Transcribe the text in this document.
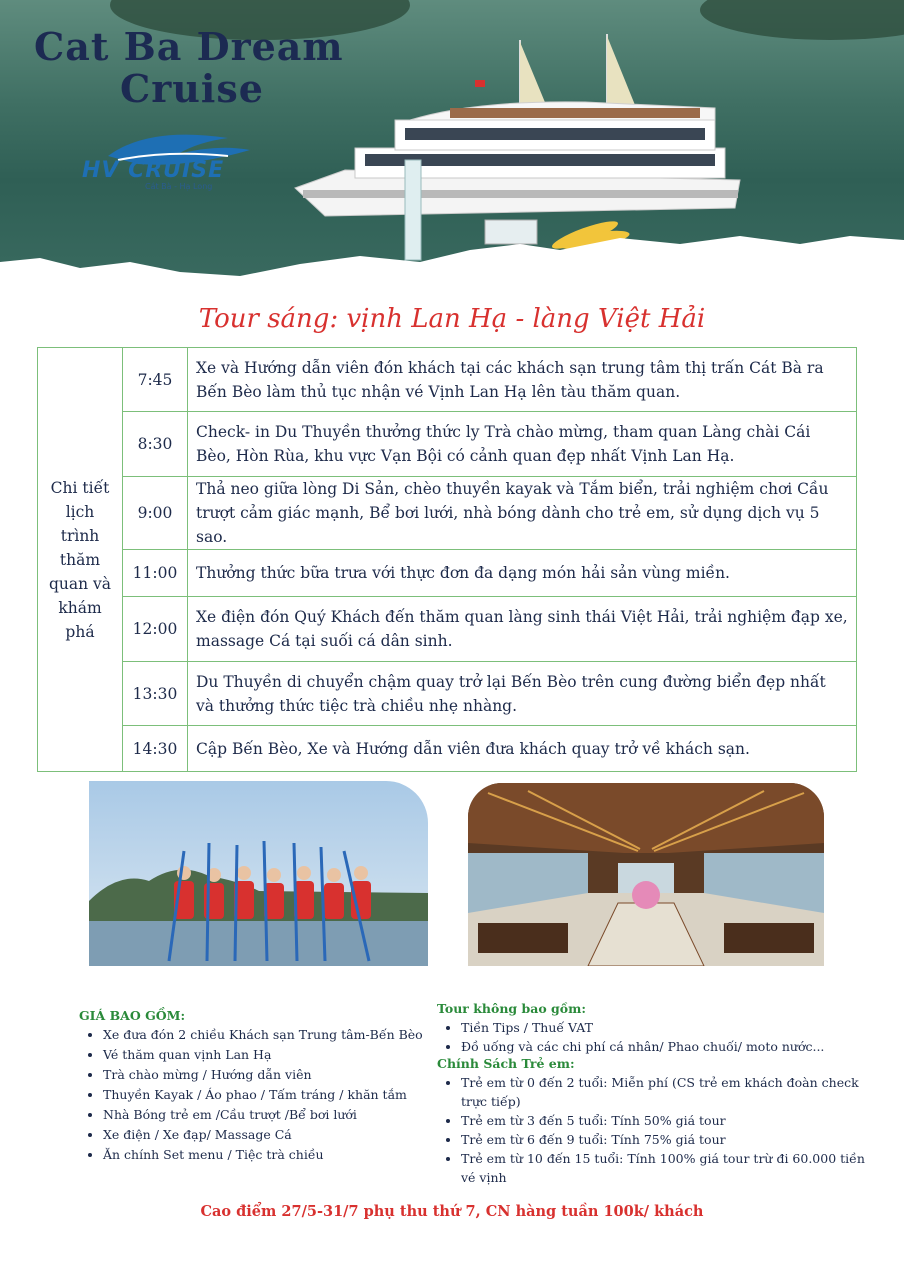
Cat Ba Dream
Cruise
HV CRUISE
Cát Bà - Hạ Long
Tour sáng: vịnh Lan Hạ - làng Việt Hải
Chi tiết lịch trình thăm quan và khám phá	7:45	Xe và Hướng dẫn viên đón khách tại các khách sạn trung tâm thị trấn Cát Bà ra Bến Bèo làm thủ tục nhận vé Vịnh Lan Hạ lên tàu thăm quan.
	8:30	Check- in Du Thuyền thưởng thức ly Trà chào mừng, tham quan Làng chài Cái Bèo, Hòn Rùa, khu vực Vạn Bội có cảnh quan đẹp nhất Vịnh Lan Hạ.
	9:00	Thả neo giữa lòng Di Sản, chèo thuyền kayak và Tắm biển, trải nghiệm chơi Cầu trượt cảm giác mạnh, Bể bơi lưới, nhà bóng dành cho trẻ em, sử dụng dịch vụ 5 sao.
	11:00	Thưởng thức bữa trưa với thực đơn đa dạng món hải sản vùng miền.
	12:00	Xe điện đón Quý Khách đến thăm quan làng sinh thái Việt Hải, trải nghiệm đạp xe, massage Cá tại suối cá dân sinh.
	13:30	Du Thuyền di chuyển chậm quay trở lại Bến Bèo trên cung đường biển đẹp nhất và thưởng thức tiệc trà chiều nhẹ nhàng.
	14:30	Cập Bến Bèo, Xe và Hướng dẫn viên đưa khách quay trở về khách sạn.
GIÁ BAO GỒM:
• Xe đưa đón 2 chiều Khách sạn Trung tâm-Bến Bèo
• Vé thăm quan vịnh Lan Hạ
• Trà chào mừng / Hướng dẫn viên
• Thuyền Kayak / Áo phao / Tấm tráng / khăn tắm
• Nhà Bóng trẻ em /Cầu trượt /Bể bơi lưới
• Xe điện / Xe đạp/ Massage Cá
• Ăn chính Set menu / Tiệc trà chiều
Tour không bao gồm:
• Tiền Tips / Thuế VAT
• Đồ uống và các chi phí cá nhân/ Phao chuối/ moto nước...
Chính Sách Trẻ em:
• Trẻ em từ 0 đến 2 tuổi: Miễn phí (CS trẻ em khách đoàn check trực tiếp)
• Trẻ em từ 3 đến 5 tuổi: Tính 50% giá tour
• Trẻ em từ 6 đến 9 tuổi: Tính 75% giá tour
• Trẻ em từ 10 đến 15 tuổi: Tính 100% giá tour trừ đi 60.000 tiền vé vịnh
Cao điểm 27/5-31/7 phụ thu thứ 7, CN hàng tuần 100k/ khách
